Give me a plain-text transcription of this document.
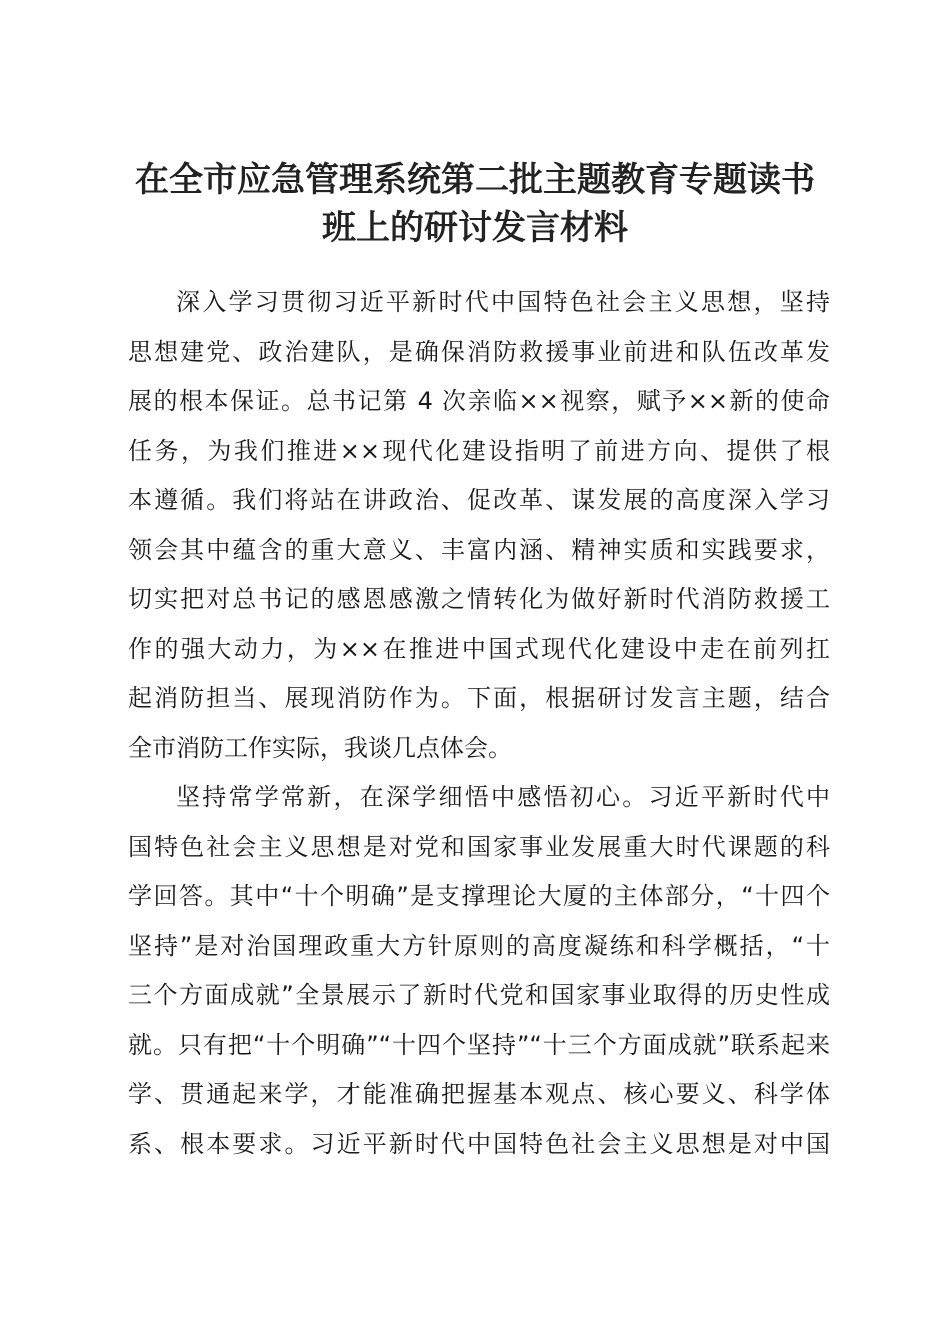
在全市应急管理系统第二批主题教育专题读书
班上的研讨发言材料

深入学习贯彻习近平新时代中国特色社会主义思想，坚持
思想建党、政治建队，是确保消防救援事业前进和队伍改革发
展的根本保证。总书记第 4 次亲临××视察，赋予××新的使命
任务，为我们推进××现代化建设指明了前进方向、提供了根
本遵循。我们将站在讲政治、促改革、谋发展的高度深入学习
领会其中蕴含的重大意义、丰富内涵、精神实质和实践要求，
切实把对总书记的感恩感激之情转化为做好新时代消防救援工
作的强大动力，为××在推进中国式现代化建设中走在前列扛
起消防担当、展现消防作为。下面，根据研讨发言主题，结合
全市消防工作实际，我谈几点体会。

坚持常学常新，在深学细悟中感悟初心。习近平新时代中
国特色社会主义思想是对党和国家事业发展重大时代课题的科
学回答。其中“十个明确”是支撑理论大厦的主体部分，“十四个
坚持”是对治国理政重大方针原则的高度凝练和科学概括，“十
三个方面成就”全景展示了新时代党和国家事业取得的历史性成
就。只有把“十个明确”“十四个坚持”“十三个方面成就”联系起来
学、贯通起来学，才能准确把握基本观点、核心要义、科学体
系、根本要求。习近平新时代中国特色社会主义思想是对中国
